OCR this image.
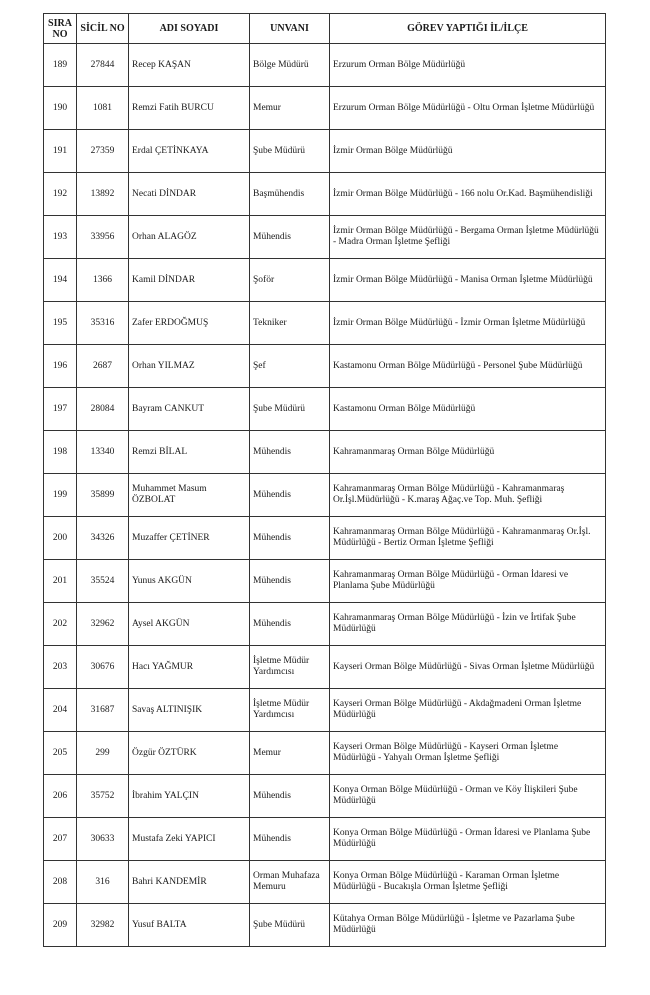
SIRA NO	SİCİL NO	ADI SOYADI	UNVANI	GÖREV YAPTIĞI İL/İLÇE
189	27844	Recep KAŞAN	Bölge Müdürü	Erzurum Orman Bölge Müdürlüğü
190	1081	Remzi Fatih BURCU	Memur	Erzurum Orman Bölge Müdürlüğü - Oltu Orman İşletme Müdürlüğü
191	27359	Erdal ÇETİNKAYA	Şube Müdürü	İzmir Orman Bölge Müdürlüğü
192	13892	Necati DİNDAR	Başmühendis	İzmir Orman Bölge Müdürlüğü - 166 nolu Or.Kad. Başmühendisliği
193	33956	Orhan ALAGÖZ	Mühendis	İzmir Orman Bölge Müdürlüğü - Bergama Orman İşletme Müdürlüğü - Madra Orman İşletme Şefliği
194	1366	Kamil DİNDAR	Şoför	İzmir Orman Bölge Müdürlüğü - Manisa Orman İşletme Müdürlüğü
195	35316	Zafer ERDOĞMUŞ	Tekniker	İzmir Orman Bölge Müdürlüğü - İzmir Orman İşletme Müdürlüğü
196	2687	Orhan YILMAZ	Şef	Kastamonu Orman Bölge Müdürlüğü - Personel Şube Müdürlüğü
197	28084	Bayram CANKUT	Şube Müdürü	Kastamonu Orman Bölge Müdürlüğü
198	13340	Remzi BİLAL	Mühendis	Kahramanmaraş Orman Bölge Müdürlüğü
199	35899	Muhammet Masum ÖZBOLAT	Mühendis	Kahramanmaraş Orman Bölge Müdürlüğü - Kahramanmaraş Or.İşl.Müdürlüğü - K.maraş Ağaç.ve Top. Muh. Şefliği
200	34326	Muzaffer ÇETİNER	Mühendis	Kahramanmaraş Orman Bölge Müdürlüğü - Kahramanmaraş Or.İşl. Müdürlüğü - Bertiz Orman İşletme Şefliği
201	35524	Yunus AKGÜN	Mühendis	Kahramanmaraş Orman Bölge Müdürlüğü - Orman İdaresi ve Planlama Şube Müdürlüğü
202	32962	Aysel AKGÜN	Mühendis	Kahramanmaraş Orman Bölge Müdürlüğü - İzin ve İrtifak Şube Müdürlüğü
203	30676	Hacı YAĞMUR	İşletme Müdür Yardımcısı	Kayseri Orman Bölge Müdürlüğü - Sivas Orman İşletme Müdürlüğü
204	31687	Savaş ALTINIŞIK	İşletme Müdür Yardımcısı	Kayseri Orman Bölge Müdürlüğü - Akdağmadeni Orman İşletme Müdürlüğü
205	299	Özgür ÖZTÜRK	Memur	Kayseri Orman Bölge Müdürlüğü - Kayseri Orman İşletme Müdürlüğü - Yahyalı Orman İşletme Şefliği
206	35752	İbrahim YALÇIN	Mühendis	Konya Orman Bölge Müdürlüğü - Orman ve Köy İlişkileri Şube Müdürlüğü
207	30633	Mustafa Zeki YAPICI	Mühendis	Konya Orman Bölge Müdürlüğü - Orman İdaresi ve Planlama Şube Müdürlüğü
208	316	Bahri KANDEMİR	Orman Muhafaza Memuru	Konya Orman Bölge Müdürlüğü - Karaman Orman İşletme Müdürlüğü - Bucakışla Orman İşletme Şefliği
209	32982	Yusuf BALTA	Şube Müdürü	Kütahya Orman Bölge Müdürlüğü - İşletme ve Pazarlama Şube Müdürlüğü
